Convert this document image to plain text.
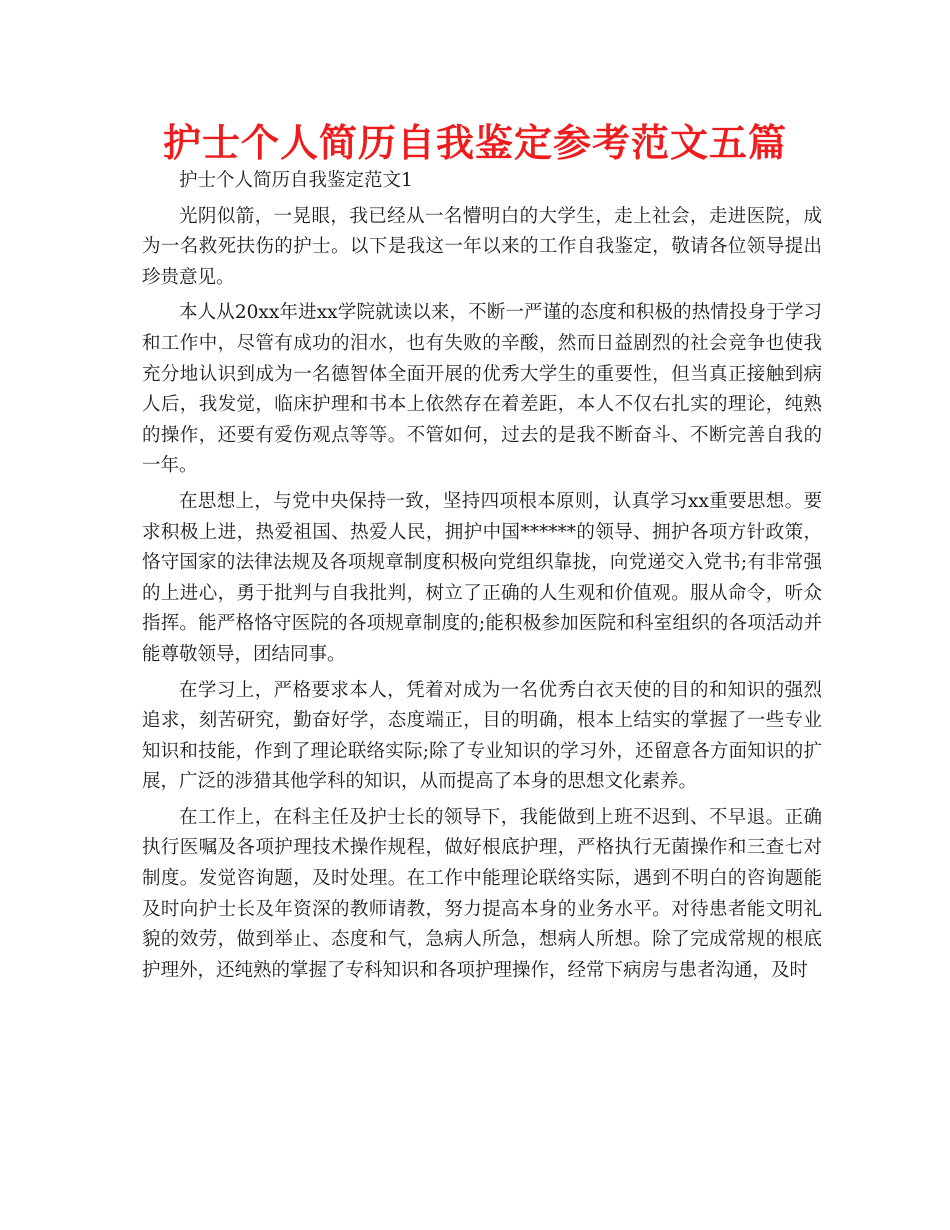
护士个人简历自我鉴定参考范文五篇

护士个人简历自我鉴定范文1

光阴似箭，一晃眼，我已经从一名懵明白的大学生，走上社会，走进医院，成为一名救死扶伤的护士。以下是我这一年以来的工作自我鉴定，敬请各位领导提出珍贵意见。

本人从20xx年进xx学院就读以来，不断一严谨的态度和积极的热情投身于学习和工作中，尽管有成功的泪水，也有失败的辛酸，然而日益剧烈的社会竞争也使我充分地认识到成为一名德智体全面开展的优秀大学生的重要性，但当真正接触到病人后，我发觉，临床护理和书本上依然存在着差距，本人不仅右扎实的理论，纯熟的操作，还要有爱伤观点等等。不管如何，过去的是我不断奋斗、不断完善自我的一年。

在思想上，与党中央保持一致，坚持四项根本原则，认真学习xx重要思想。要求积极上进，热爱祖国、热爱人民，拥护中国******的领导、拥护各项方针政策，恪守国家的法律法规及各项规章制度积极向党组织靠拢，向党递交入党书;有非常强的上进心，勇于批判与自我批判，树立了正确的人生观和价值观。服从命令，听众指挥。能严格恪守医院的各项规章制度的;能积极参加医院和科室组织的各项活动并能尊敬领导，团结同事。

在学习上，严格要求本人，凭着对成为一名优秀白衣天使的目的和知识的强烈追求，刻苦研究，勤奋好学，态度端正，目的明确，根本上结实的掌握了一些专业知识和技能，作到了理论联络实际;除了专业知识的学习外，还留意各方面知识的扩展，广泛的涉猎其他学科的知识，从而提高了本身的思想文化素养。

在工作上，在科主任及护士长的领导下，我能做到上班不迟到、不早退。正确执行医嘱及各项护理技术操作规程，做好根底护理，严格执行无菌操作和三查七对制度。发觉咨询题，及时处理。在工作中能理论联络实际，遇到不明白的咨询题能及时向护士长及年资深的教师请教，努力提高本身的业务水平。对待患者能文明礼貌的效劳，做到举止、态度和气，急病人所急，想病人所想。除了完成常规的根底护理外，还纯熟的掌握了专科知识和各项护理操作，经常下病房与患者沟通，及时
